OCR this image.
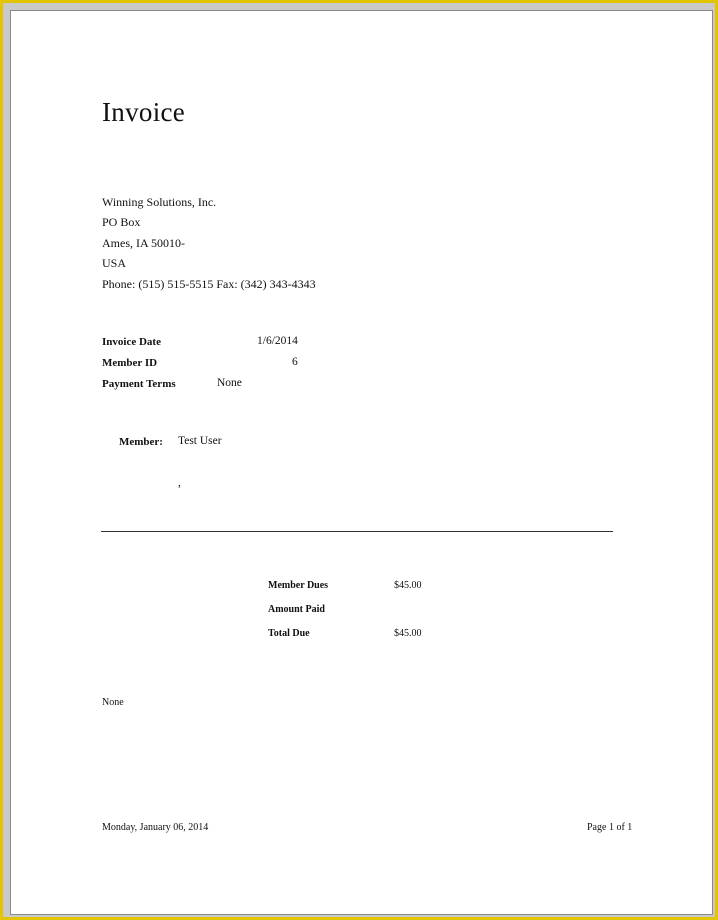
Invoice
Winning Solutions, Inc.
PO Box
Ames, IA 50010-
USA
Phone: (515) 515-5515 Fax: (342) 343-4343
Invoice Date	1/6/2014
Member ID	6
Payment Terms	None
Member: Test User
,
Member Dues	$45.00
Amount Paid
Total Due	$45.00
None
Monday, January 06, 2014	Page 1 of 1
